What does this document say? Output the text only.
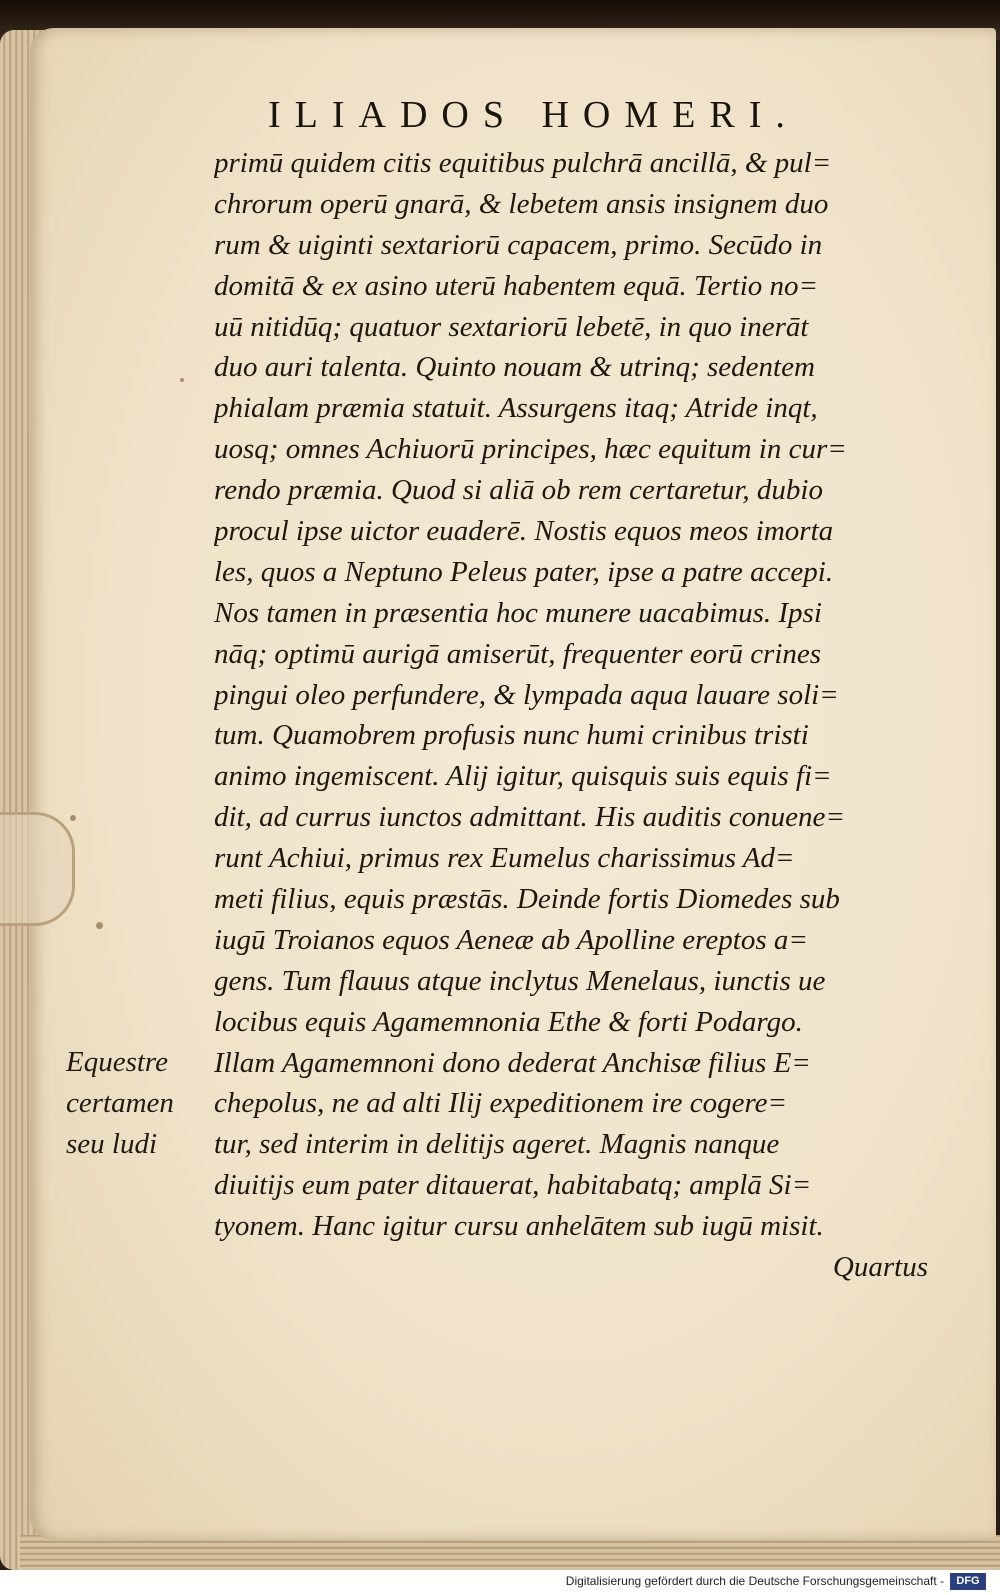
ILIADOS HOMERI.
primū quidem citis equitibus pulchrā ancillā, & pul=
chrorum operū gnarā, & lebetem ansis insignem duo
rum & uiginti sextariorū capacem, primo. Secūdo in
domitā & ex asino uterū habentem equā. Tertio no=
uū nitidūq; quatuor sextariorū lebetē, in quo inerāt
duo auri talenta. Quinto nouam & utrinq; sedentem
phialam præmia statuit. Assurgens itaq; Atride inqt,
uosq; omnes Achiuorū principes, hæc equitum in cur=
rendo præmia. Quod si aliā ob rem certaretur, dubio
procul ipse uictor euaderē. Nostis equos meos imorta
les, quos a Neptuno Peleus pater, ipse a patre accepi.
Nos tamen in præsentia hoc munere uacabimus. Ipsi
nāq; optimū aurigā amiserūt, frequenter eorū crines
pingui oleo perfundere, & lympada aqua lauare soli=
tum. Quamobrem profusis nunc humi crinibus tristi
animo ingemiscent. Alij igitur, quisquis suis equis fi=
dit, ad currus iunctos admittant. His auditis conuene=
runt Achiui, primus rex Eumelus charissimus Ad=
meti filius, equis præstās. Deinde fortis Diomedes sub
iugū Troianos equos Aeneæ ab Apolline ereptos a=
gens. Tum flauus atque inclytus Menelaus, iunctis ue
locibus equis Agamemnonia Ethe & forti Podargo.
Illam Agamemnoni dono dederat Anchisæ filius E=
chepolus, ne ad alti Ilij expeditionem ire cogere=
tur, sed interim in delitijs ageret. Magnis nanque
diuitijs eum pater ditauerat, habitabatq; amplā Si=
tyonem. Hanc igitur cursu anhelātem sub iugū misit.
Quartus
Equestre
certamen
seu ludi
Digitalisierung gefördert durch die Deutsche Forschungsgemeinschaft -	DFG
